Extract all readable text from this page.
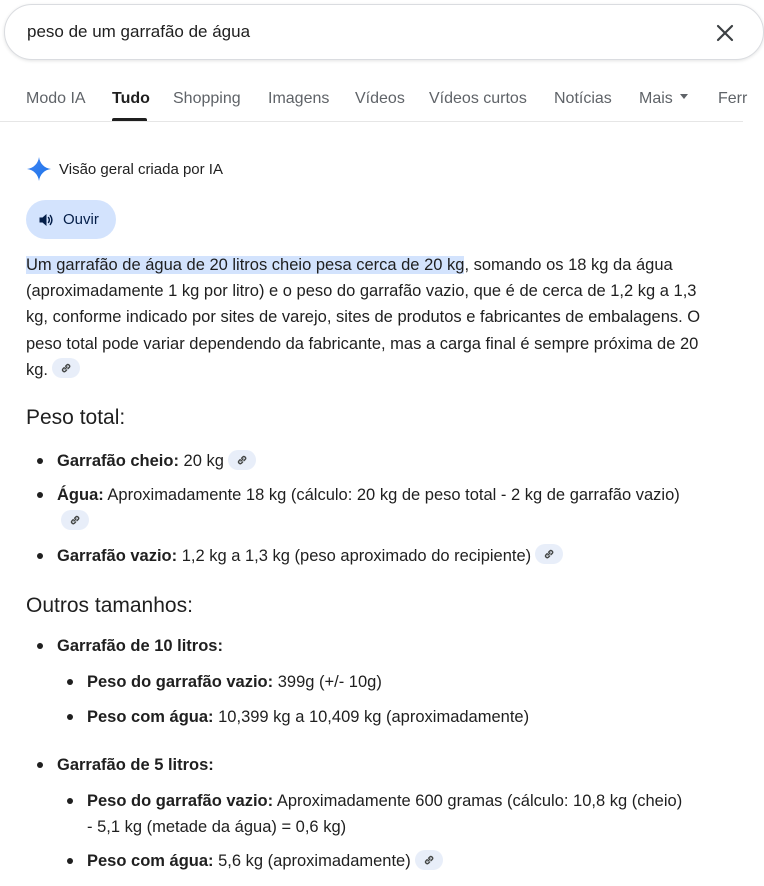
peso de um garrafão de água
Modo IA Tudo Shopping Imagens Vídeos Vídeos curtos Notícias Mais	Ferr
Visão geral criada por IA
Ouvir

Um garrafão de água de 20 litros cheio pesa cerca de 20 kg, somando os 18 kg da água (aproximadamente 1 kg por litro) e o peso do garrafão vazio, que é de cerca de 1,2 kg a 1,3 kg, conforme indicado por sites de varejo, sites de produtos e fabricantes de embalagens. O peso total pode variar dependendo da fabricante, mas a carga final é sempre próxima de 20 kg.

Peso total:
Garrafão cheio: 20 kg
Água: Aproximadamente 18 kg (cálculo: 20 kg de peso total - 2 kg de garrafão vazio)
Garrafão vazio: 1,2 kg a 1,3 kg (peso aproximado do recipiente)
Outros tamanhos:
Garrafão de 10 litros:
Peso do garrafão vazio: 399g (+/- 10g)
Peso com água: 10,399 kg a 10,409 kg (aproximadamente)
Garrafão de 5 litros:
Peso do garrafão vazio: Aproximadamente 600 gramas (cálculo: 10,8 kg (cheio) - 5,1 kg (metade da água) = 0,6 kg)
Peso com água: 5,6 kg (aproximadamente)
